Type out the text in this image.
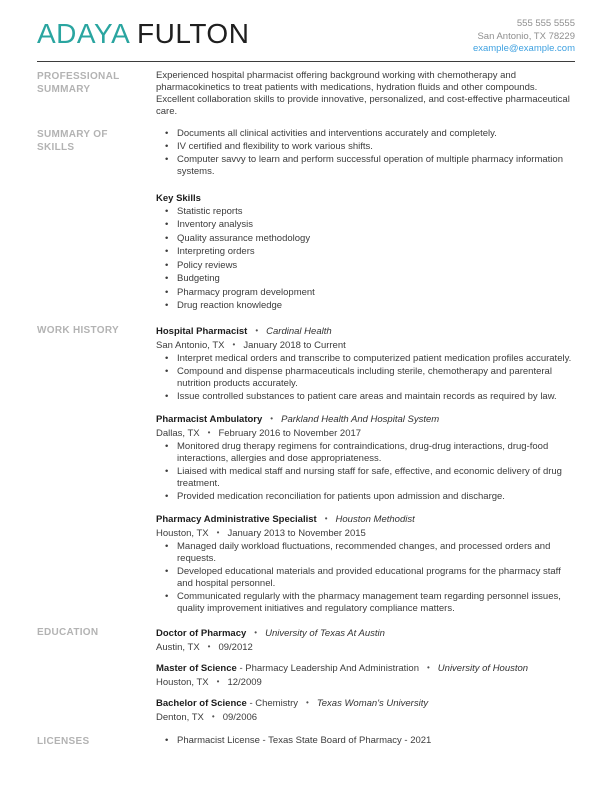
ADAYA FULTON	555 555 5555
San Antonio, TX 78229
example@example.com
PROFESSIONAL SUMMARY

Experienced hospital pharmacist offering background working with chemotherapy and pharmacokinetics to treat patients with medications, hydration fluids and other compounds. Excellent collaboration skills to provide innovative, personalized, and cost-effective pharmaceutical care.

SUMMARY OF SKILLS
• Documents all clinical activities and interventions accurately and completely.
• IV certified and flexibility to work various shifts.
• Computer savvy to learn and perform successful operation of multiple pharmacy information systems.
Key Skills
• Statistic reports
• Inventory analysis
• Quality assurance methodology
• Interpreting orders
• Policy reviews
• Budgeting
• Pharmacy program development
• Drug reaction knowledge
WORK HISTORY	Hospital Pharmacist • Cardinal Health
San Antonio, TX • January 2018 to Current
• Interpret medical orders and transcribe to computerized patient medication profiles accurately.
• Compound and dispense pharmaceuticals including sterile, chemotherapy and parenteral nutrition products accurately.
• Issue controlled substances to patient care areas and maintain records as required by law.
Pharmacist Ambulatory • Parkland Health And Hospital System
Dallas, TX • February 2016 to November 2017
• Monitored drug therapy regimens for contraindications, drug-drug interactions, drug-food interactions, allergies and dose appropriateness.
• Liaised with medical staff and nursing staff for safe, effective, and economic delivery of drug treatment.
• Provided medication reconciliation for patients upon admission and discharge.
Pharmacy Administrative Specialist • Houston Methodist
Houston, TX • January 2013 to November 2015
• Managed daily workload fluctuations, recommended changes, and processed orders and requests.
• Developed educational materials and provided educational programs for the pharmacy staff and hospital personnel.
• Communicated regularly with the pharmacy management team regarding personnel issues, quality improvement initiatives and regulatory compliance matters.
EDUCATION	Doctor of Pharmacy • University of Texas At Austin
Austin, TX • 09/2012
Master of Science - Pharmacy Leadership And Administration • University of Houston
Houston, TX • 12/2009
Bachelor of Science - Chemistry • Texas Woman's University
Denton, TX • 09/2006
LICENSES	• Pharmacist License - Texas State Board of Pharmacy - 2021
